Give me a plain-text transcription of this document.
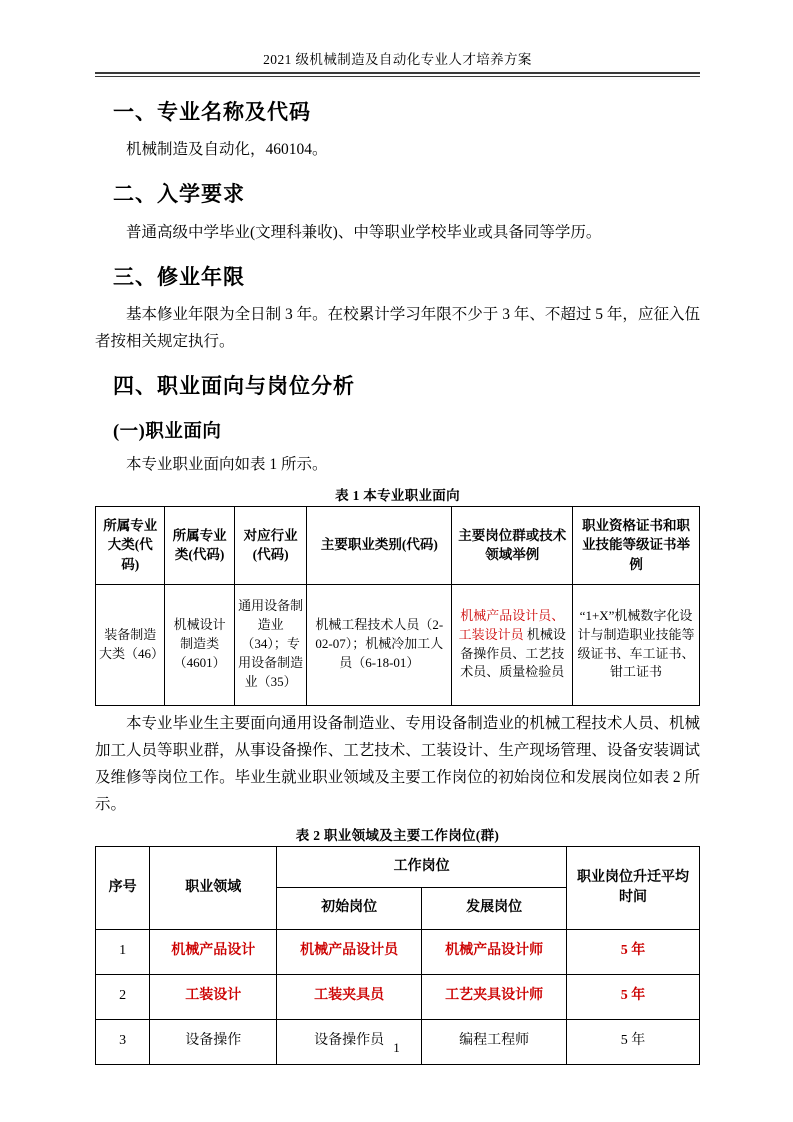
2021 级机械制造及自动化专业人才培养方案
一、专业名称及代码

机械制造及自动化，460104。

二、入学要求

普通高级中学毕业(文理科兼收)、中等职业学校毕业或具备同等学历。

三、修业年限

基本修业年限为全日制 3 年。在校累计学习年限不少于 3 年、不超过 5 年，应征入伍者按相关规定执行。

四、职业面向与岗位分析
(一)职业面向

本专业职业面向如表 1 所示。

表 1 本专业职业面向
所属专业大类(代码)	所属专业类(代码)	对应行业(代码)	主要职业类别(代码)	主要岗位群或技术领域举例	职业资格证书和职业技能等级证书举例
装备制造大类（46）	机械设计制造类（4601）	通用设备制造业（34）；专用设备制造业（35）	机械工程技术人员（2-02-07）；机械冷加工人员（6-18-01）	机械产品设计员、工装设计员 机械设备操作员、工艺技术员、质量检验员	“1+X”机械数字化设计与制造职业技能等级证书、车工证书、钳工证书

本专业毕业生主要面向通用设备制造业、专用设备制造业的机械工程技术人员、机械加工人员等职业群，从事设备操作、工艺技术、工装设计、生产现场管理、设备安装调试及维修等岗位工作。毕业生就业职业领域及主要工作岗位的初始岗位和发展岗位如表 2 所示。

表 2 职业领域及主要工作岗位(群)
序号	职业领域	工作岗位		职业岗位升迁平均时间
		初始岗位	发展岗位	
1	机械产品设计	机械产品设计员	机械产品设计师	5 年
2	工装设计	工装夹具员	工艺夹具设计师	5 年
3	设备操作	设备操作员	编程工程师	5 年
1
